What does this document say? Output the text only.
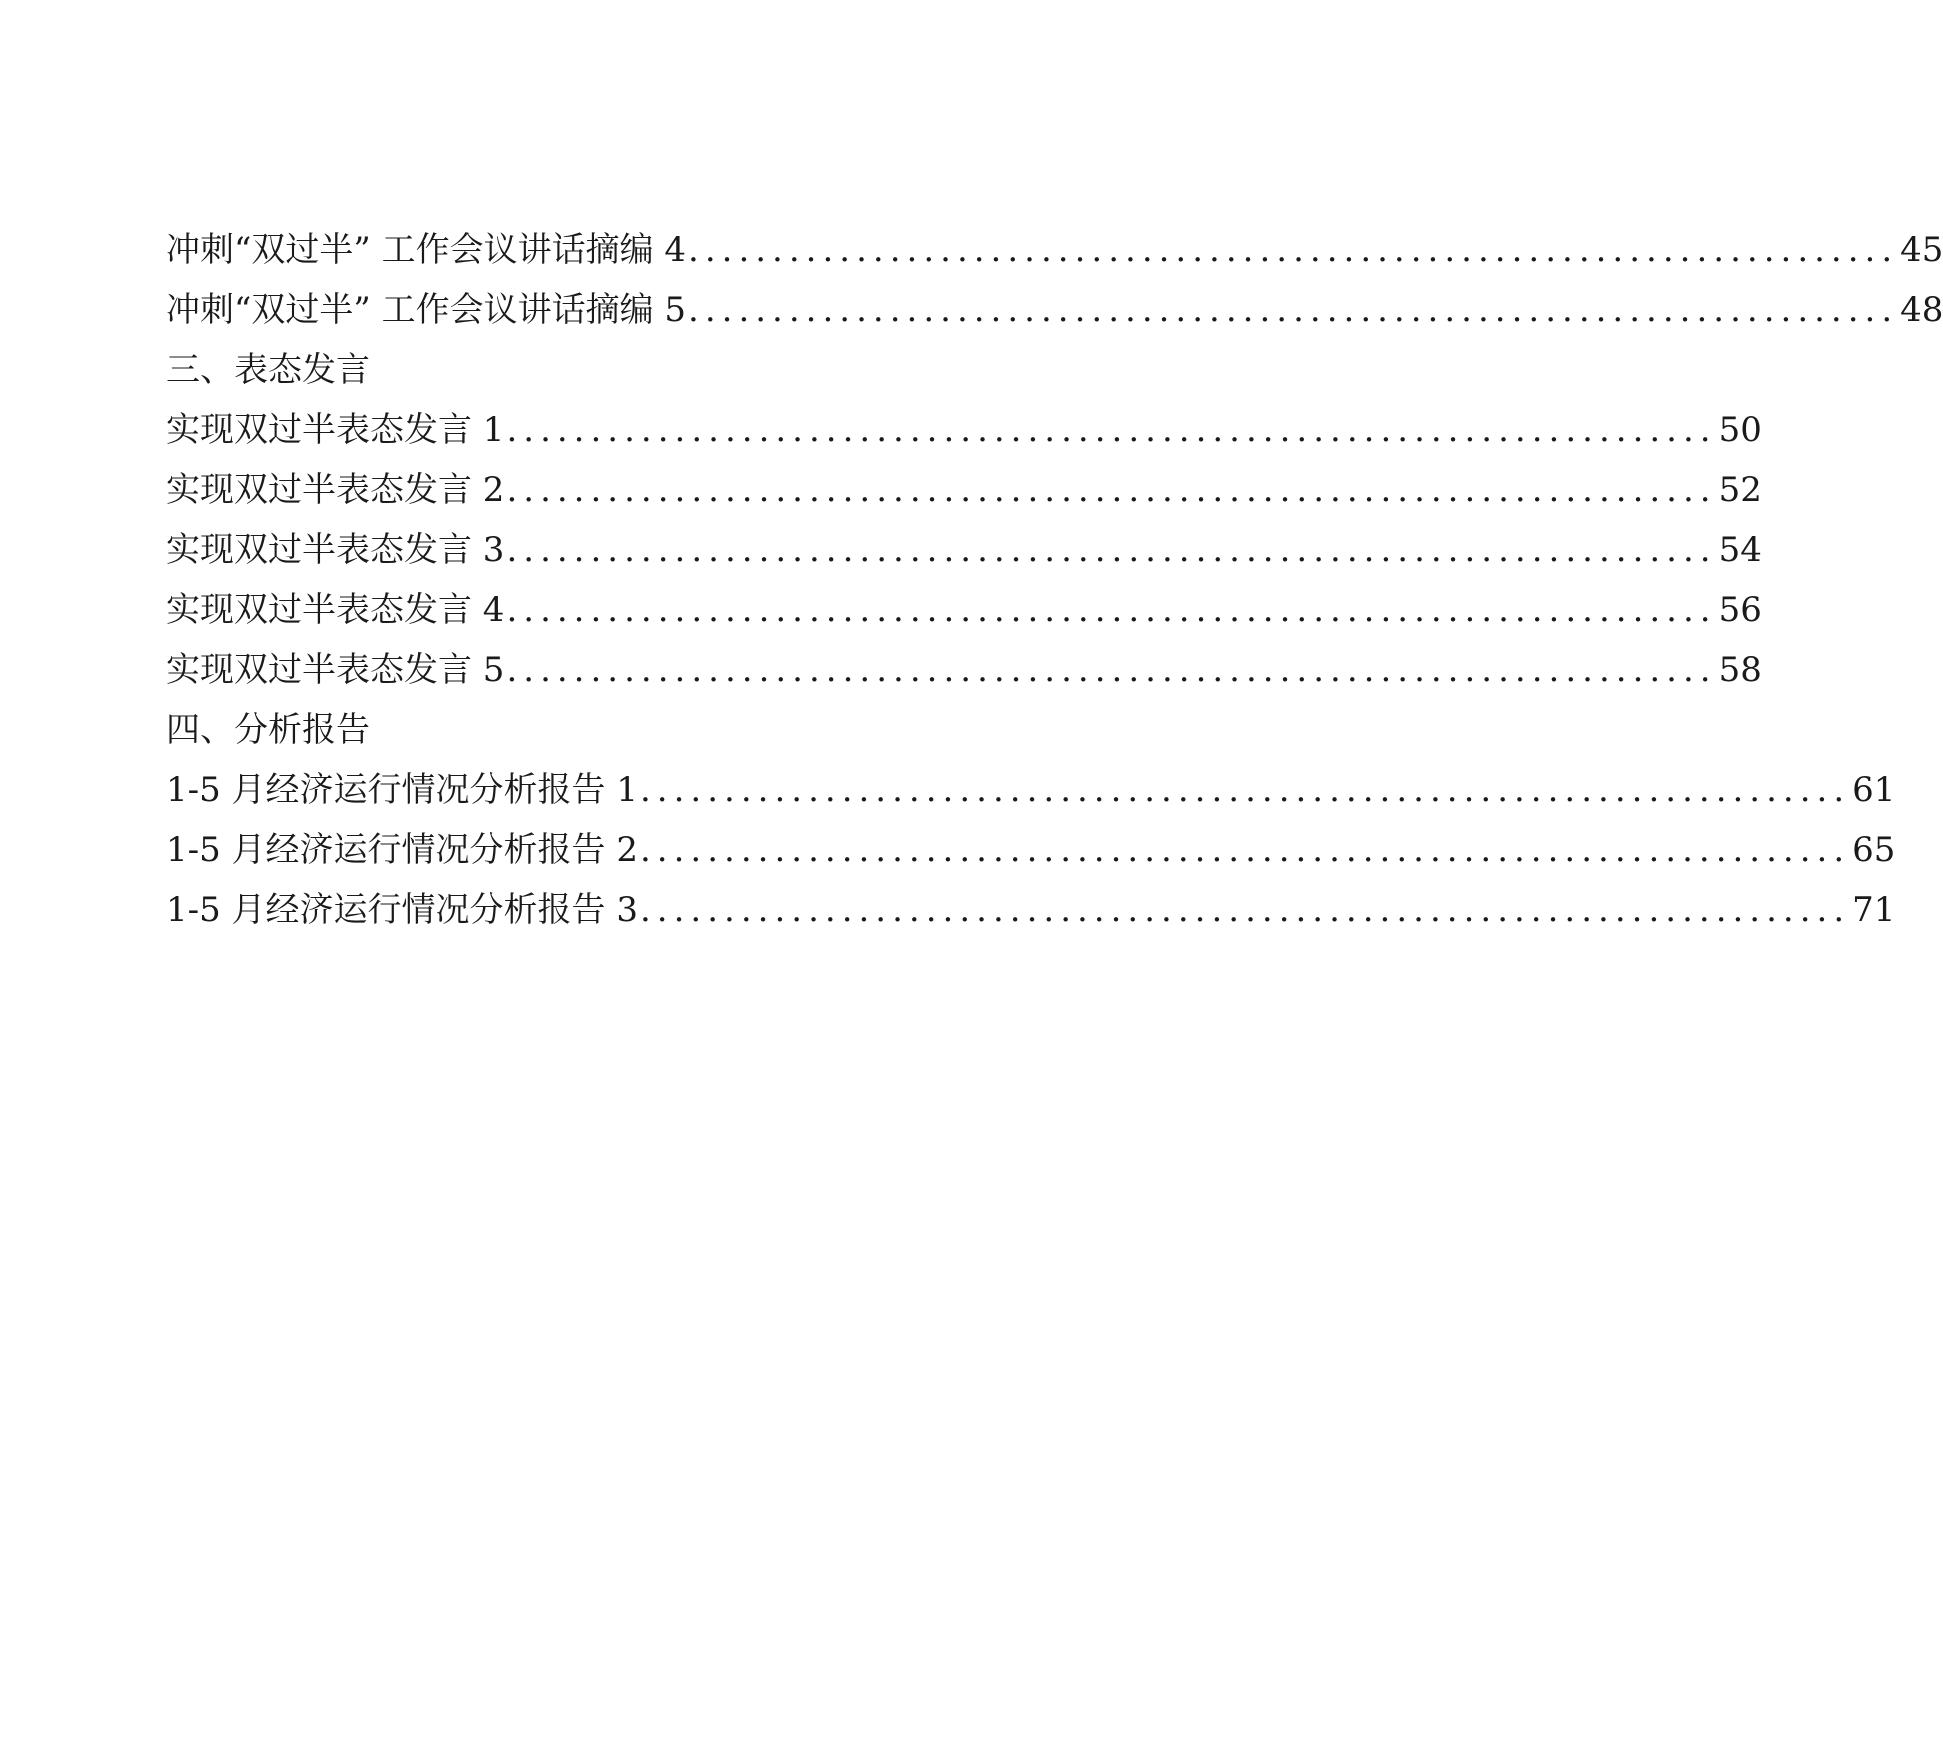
冲刺“双过半” 工作会议讲话摘编 4 ........................................................................ 45
冲刺“双过半” 工作会议讲话摘编 5 ........................................................................ 48
三、表态发言
实现双过半表态发言 1 ........................................................................ 50
实现双过半表态发言 2 ........................................................................ 52
实现双过半表态发言 3 ........................................................................ 54
实现双过半表态发言 4 ........................................................................ 56
实现双过半表态发言 5 ........................................................................ 58
四、分析报告
1-5 月经济运行情况分析报告 1 ........................................................................ 61
1-5 月经济运行情况分析报告 2 ........................................................................ 65
1-5 月经济运行情况分析报告 3 ........................................................................ 71
